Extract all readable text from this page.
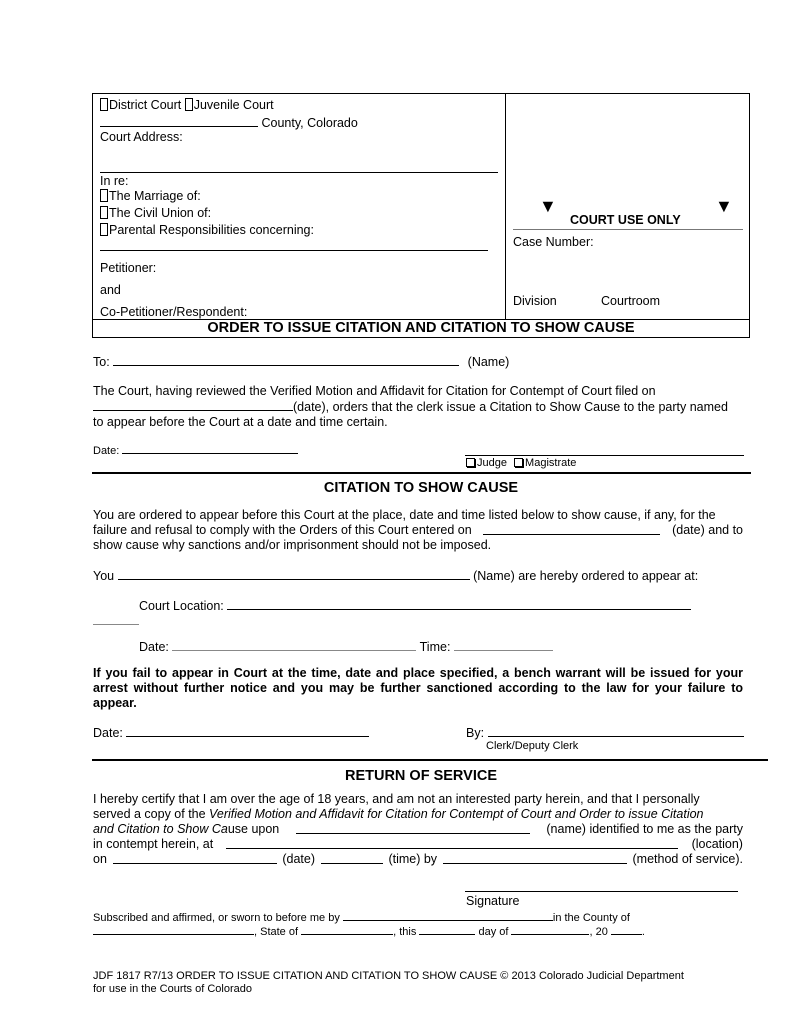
District Court Juvenile Court
County, Colorado
Court Address:
In re:
The Marriage of:
The Civil Union of:
Parental Responsibilities concerning:
Petitioner:
and
Co-Petitioner/Respondent:
▼	▼
COURT USE ONLY
Case Number:
Division	Courtroom
ORDER TO ISSUE CITATION AND CITATION TO SHOW CAUSE
To:	(Name)
The Court, having reviewed the Verified Motion and Affidavit for Citation for Contempt of Court filed on
(date), orders that the clerk issue a Citation to Show Cause to the party named
to appear before the Court at a date and time certain.
Date:
Judge Magistrate
CITATION TO SHOW CAUSE
You are ordered to appear before this Court at the place, date and time listed below to show cause, if any, for the
failure and refusal to comply with the Orders of this Court entered on	(date) and to
show cause why sanctions and/or imprisonment should not be imposed.
You	(Name) are hereby ordered to appear at:
Court Location:
Date:	Time:
If you fail to appear in Court at the time, date and place specified, a bench warrant will be issued for your arrest without further notice and you may be further sanctioned according to the law for your failure to appear.
Date:	By:
Clerk/Deputy Clerk
RETURN OF SERVICE
I hereby certify that I am over the age of 18 years, and am not an interested party herein, and that I personally
served a copy of the Verified Motion and Affidavit for Citation for Contempt of Court and Order to issue Citation
and Citation to Show Cause upon	(name) identified to me as the party
in contempt herein, at	(location)
on	(date)	(time) by	(method of service).
Signature
Subscribed and affirmed, or sworn to before me by	in the County of
, State of	, this	day of	, 20	.
JDF 1817 R7/13 ORDER TO ISSUE CITATION AND CITATION TO SHOW CAUSE © 2013 Colorado Judicial Department
for use in the Courts of Colorado
